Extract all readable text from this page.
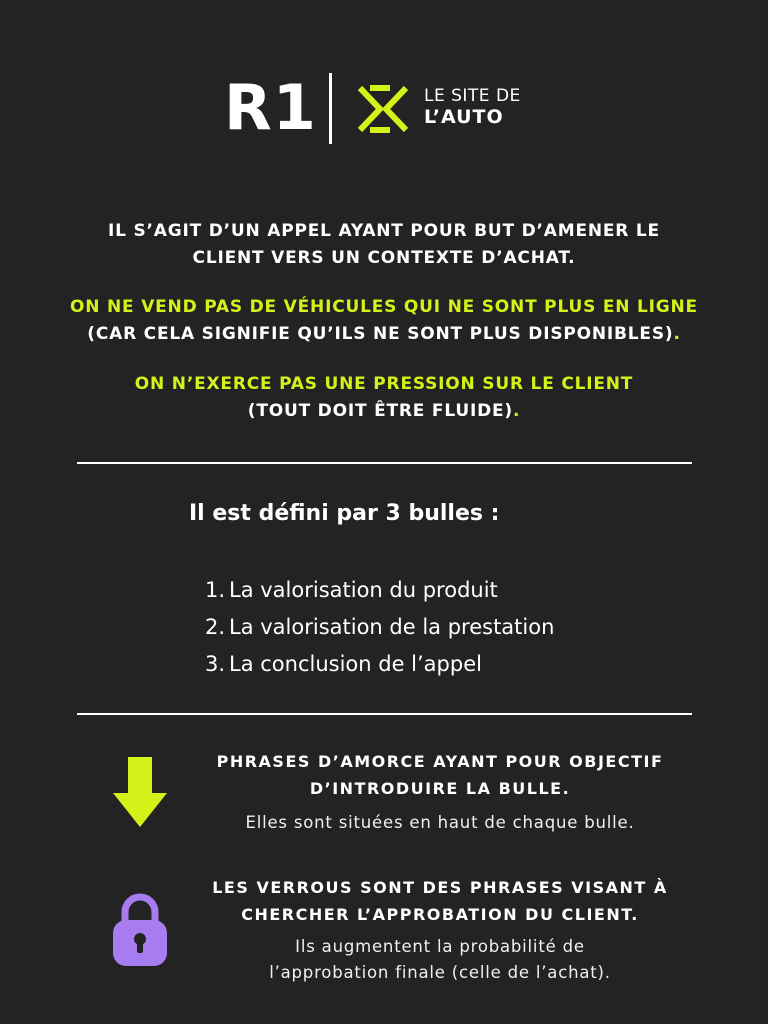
R1	LE SITE DE
L’AUTO

IL S’AGIT D’UN APPEL AYANT POUR BUT D’AMENER LE

CLIENT VERS UN CONTEXTE D’ACHAT.

ON NE VEND PAS DE VÉHICULES QUI NE SONT PLUS EN LIGNE

(CAR CELA SIGNIFIE QU’ILS NE SONT PLUS DISPONIBLES).

ON N’EXERCE PAS UNE PRESSION SUR LE CLIENT

(TOUT DOIT ÊTRE FLUIDE).

Il est défini par 3 bulles :
1. La valorisation du produit
2. La valorisation de la prestation
3. La conclusion de l’appel

PHRASES D’AMORCE AYANT POUR OBJECTIF

D’INTRODUIRE LA BULLE.

Elles sont situées en haut de chaque bulle.

LES VERROUS SONT DES PHRASES VISANT À

CHERCHER L’APPROBATION DU CLIENT.

Ils augmentent la probabilité de

l’approbation finale (celle de l’achat).
